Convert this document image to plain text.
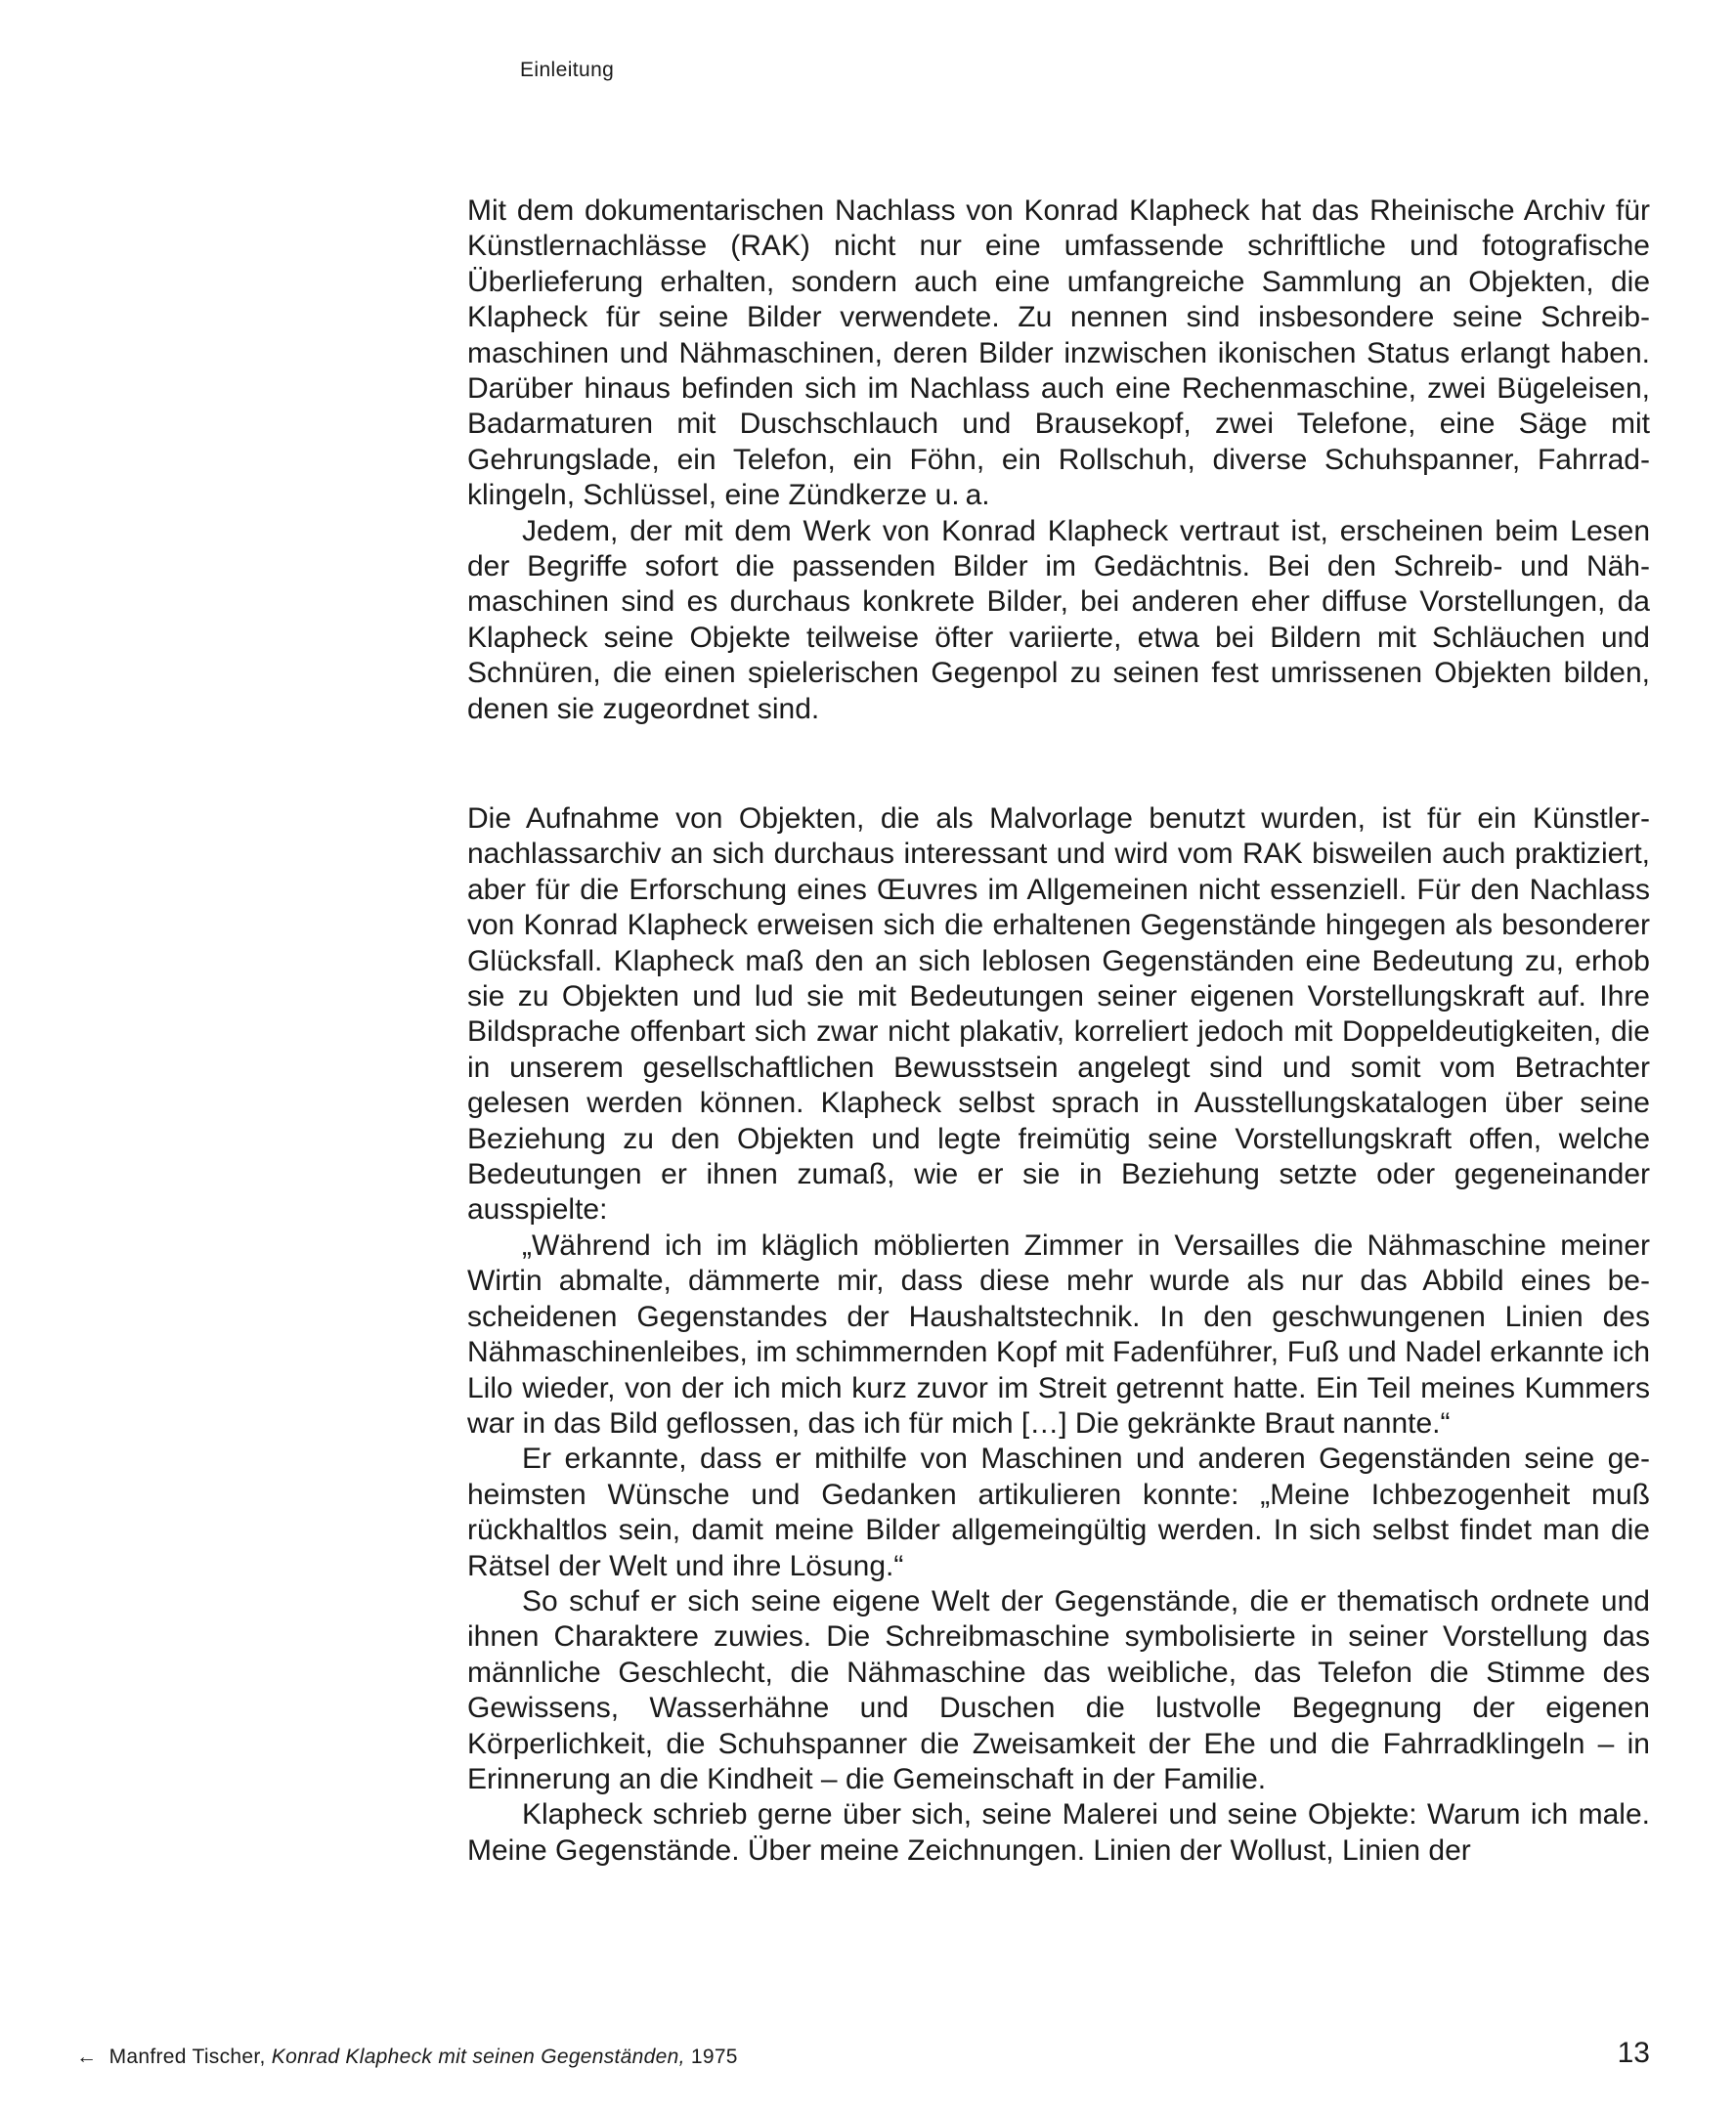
Einleitung

Mit dem dokumentarischen Nachlass von Konrad Klapheck hat das Rheinische Archiv für Künstlernachlässe (RAK) nicht nur eine umfassende schriftliche und fotografische Überlieferung erhalten, sondern auch eine umfangreiche Sammlung an Objekten, die Klapheck für seine Bilder verwendete. Zu nennen sind insbesondere seine Schreibmaschinen und Nähmaschinen, deren Bilder inzwischen ikonischen Status erlangt haben. Darüber hinaus befinden sich im Nachlass auch eine Rechenmaschine, zwei Bügeleisen, Badarmaturen mit Duschschlauch und Brausekopf, zwei Telefone, eine Säge mit Gehrungslade, ein Telefon, ein Föhn, ein Rollschuh, diverse Schuhspanner, Fahrradklingeln, Schlüssel, eine Zündkerze u. a.

Jedem, der mit dem Werk von Konrad Klapheck vertraut ist, erscheinen beim Lesen der Begriffe sofort die passenden Bilder im Gedächtnis. Bei den Schreib- und Nähmaschinen sind es durchaus konkrete Bilder, bei anderen eher diffuse Vorstellungen, da Klapheck seine Objekte teilweise öfter variierte, etwa bei Bildern mit Schläuchen und Schnüren, die einen spielerischen Gegenpol zu seinen fest umrissenen Objekten bilden, denen sie zugeordnet sind.

Die Aufnahme von Objekten, die als Malvorlage benutzt wurden, ist für ein Künstlernachlassarchiv an sich durchaus interessant und wird vom RAK bisweilen auch praktiziert, aber für die Erforschung eines Œuvres im Allgemeinen nicht essenziell. Für den Nachlass von Konrad Klapheck erweisen sich die erhaltenen Gegenstände hingegen als besonderer Glücksfall. Klapheck maß den an sich leblosen Gegenständen eine Bedeutung zu, erhob sie zu Objekten und lud sie mit Bedeutungen seiner eigenen Vorstellungskraft auf. Ihre Bildsprache offenbart sich zwar nicht plakativ, korreliert jedoch mit Doppeldeutigkeiten, die in unserem gesellschaftlichen Bewusstsein angelegt sind und somit vom Betrachter gelesen werden können. Klapheck selbst sprach in Ausstellungskatalogen über seine Beziehung zu den Objekten und legte freimütig seine Vorstellungskraft offen, welche Bedeutungen er ihnen zumaß, wie er sie in Beziehung setzte oder gegeneinander ausspielte:

„Während ich im kläglich möblierten Zimmer in Versailles die Nähmaschine meiner Wirtin abmalte, dämmerte mir, dass diese mehr wurde als nur das Abbild eines bescheidenen Gegenstandes der Haushaltstechnik. In den geschwungenen Linien des Nähmaschinenleibes, im schimmernden Kopf mit Fadenführer, Fuß und Nadel erkannte ich Lilo wieder, von der ich mich kurz zuvor im Streit getrennt hatte. Ein Teil meines Kummers war in das Bild geflossen, das ich für mich […] Die gekränkte Braut nannte.“

Er erkannte, dass er mithilfe von Maschinen und anderen Gegenständen seine geheimsten Wünsche und Gedanken artikulieren konnte: „Meine Ichbezogenheit muß rückhaltlos sein, damit meine Bilder allgemeingültig werden. In sich selbst findet man die Rätsel der Welt und ihre Lösung.“

So schuf er sich seine eigene Welt der Gegenstände, die er thematisch ordnete und ihnen Charaktere zuwies. Die Schreibmaschine symbolisierte in seiner Vorstellung das männliche Geschlecht, die Nähmaschine das weibliche, das Telefon die Stimme des Gewissens, Wasserhähne und Duschen die lustvolle Begegnung der eigenen Körperlichkeit, die Schuhspanner die Zweisamkeit der Ehe und die Fahrradklingeln – in Erinnerung an die Kindheit – die Gemeinschaft in der Familie.

Klapheck schrieb gerne über sich, seine Malerei und seine Objekte: Warum ich male. Meine Gegenstände. Über meine Zeichnungen. Linien der Wollust, Linien der

← Manfred Tischer, Konrad Klapheck mit seinen Gegenständen, 1975	13
